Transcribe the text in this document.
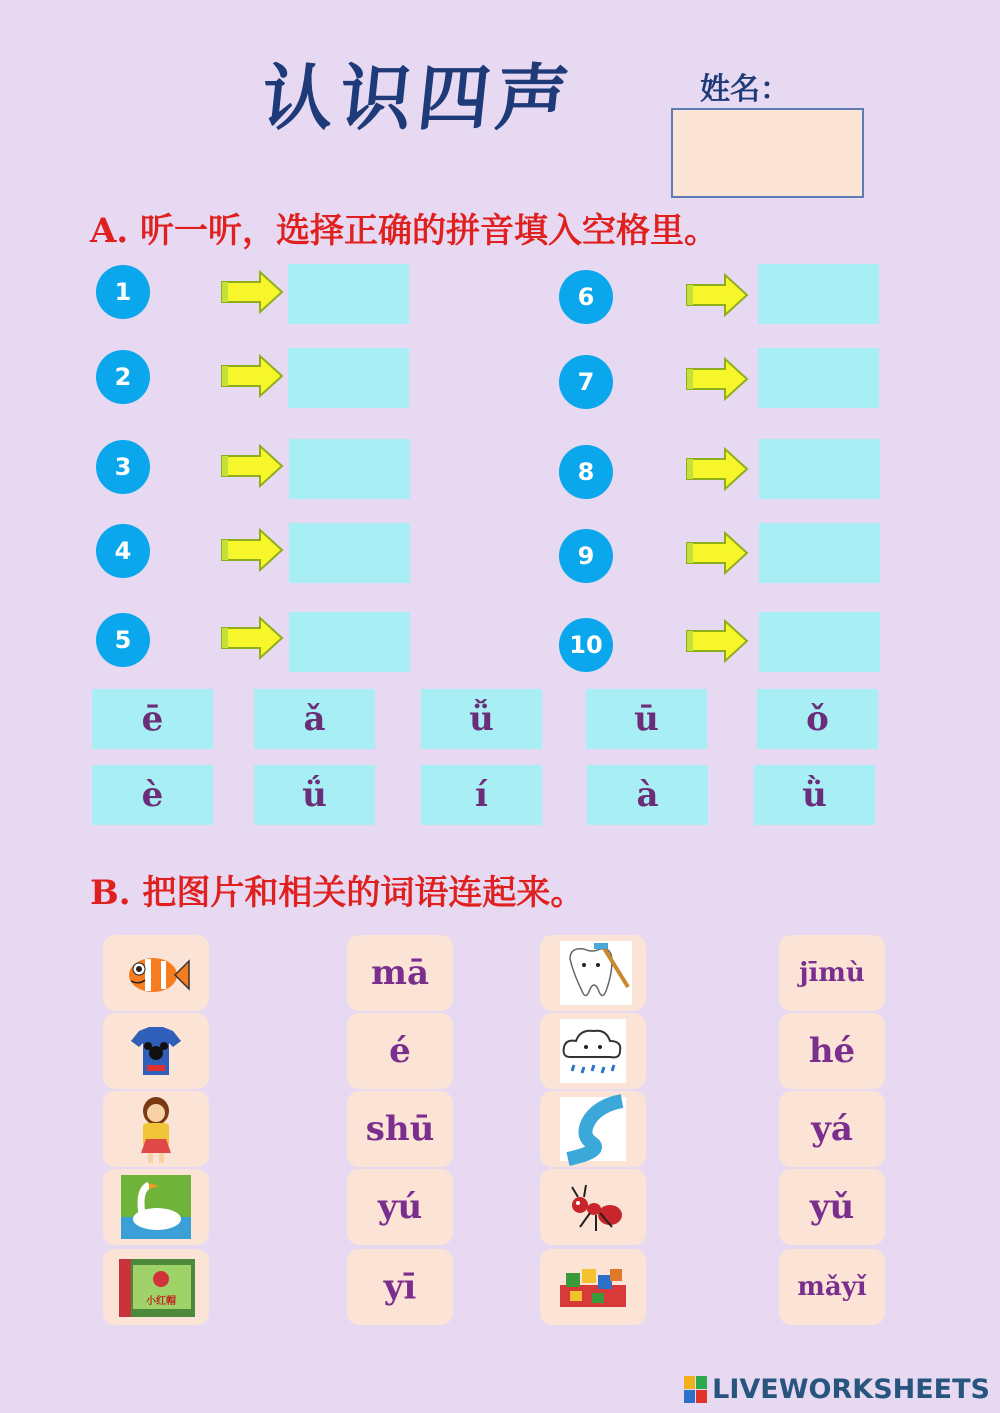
认识四声	姓名：
A. 听一听，选择正确的拼音填入空格里。
1
2
3
4
5
6
7
8
9
10
ē	ǎ	ǚ	ū	ǒ
è	ǘ	í	à	ǜ
B. 把图片和相关的词语连起来。
小红帽
mā
é
shū
yú
yī
jīmù
hé
yá
yǔ
mǎyǐ
LIVEWORKSHEETS
